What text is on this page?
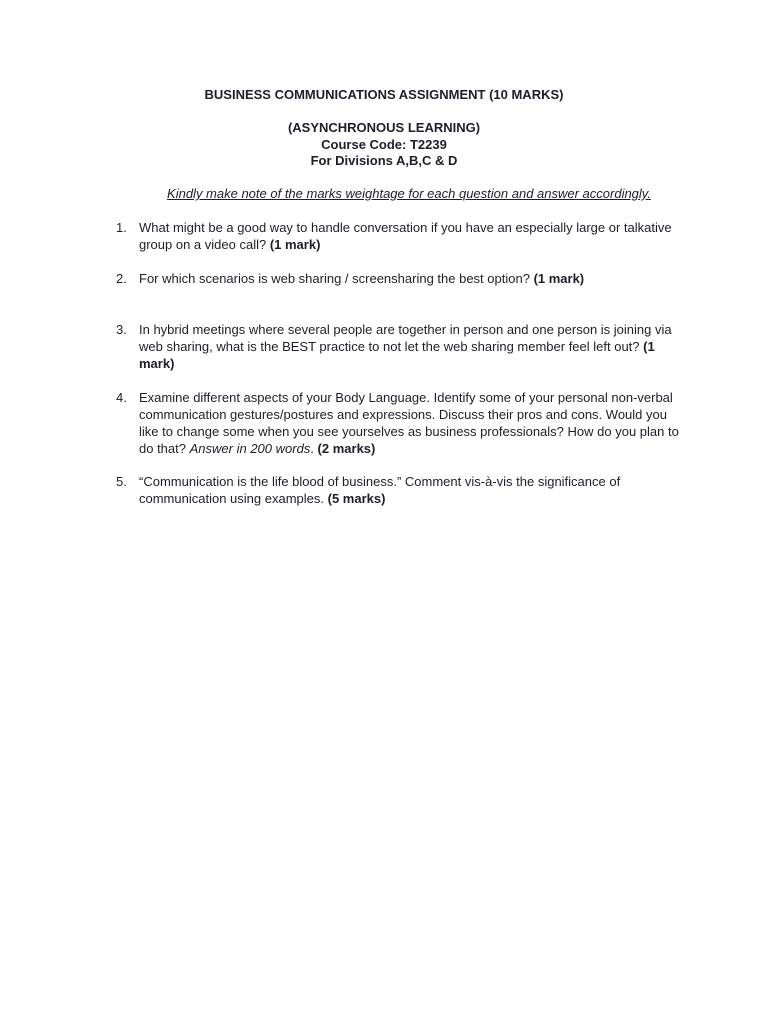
BUSINESS COMMUNICATIONS ASSIGNMENT (10 MARKS)
(ASYNCHRONOUS LEARNING)
Course Code: T2239
For Divisions A,B,C & D
Kindly make note of the marks weightage for each question and answer accordingly.
1. What might be a good way to handle conversation if you have an especially large or talkative group on a video call? (1 mark)
2. For which scenarios is web sharing / screensharing the best option? (1 mark)
3. In hybrid meetings where several people are together in person and one person is joining via web sharing, what is the BEST practice to not let the web sharing member feel left out? (1 mark)
4. Examine different aspects of your Body Language. Identify some of your personal non-verbal communication gestures/postures and expressions. Discuss their pros and cons. Would you like to change some when you see yourselves as business professionals? How do you plan to do that? Answer in 200 words. (2 marks)
5. “Communication is the life blood of business.” Comment vis-à-vis the significance of communication using examples. (5 marks)
